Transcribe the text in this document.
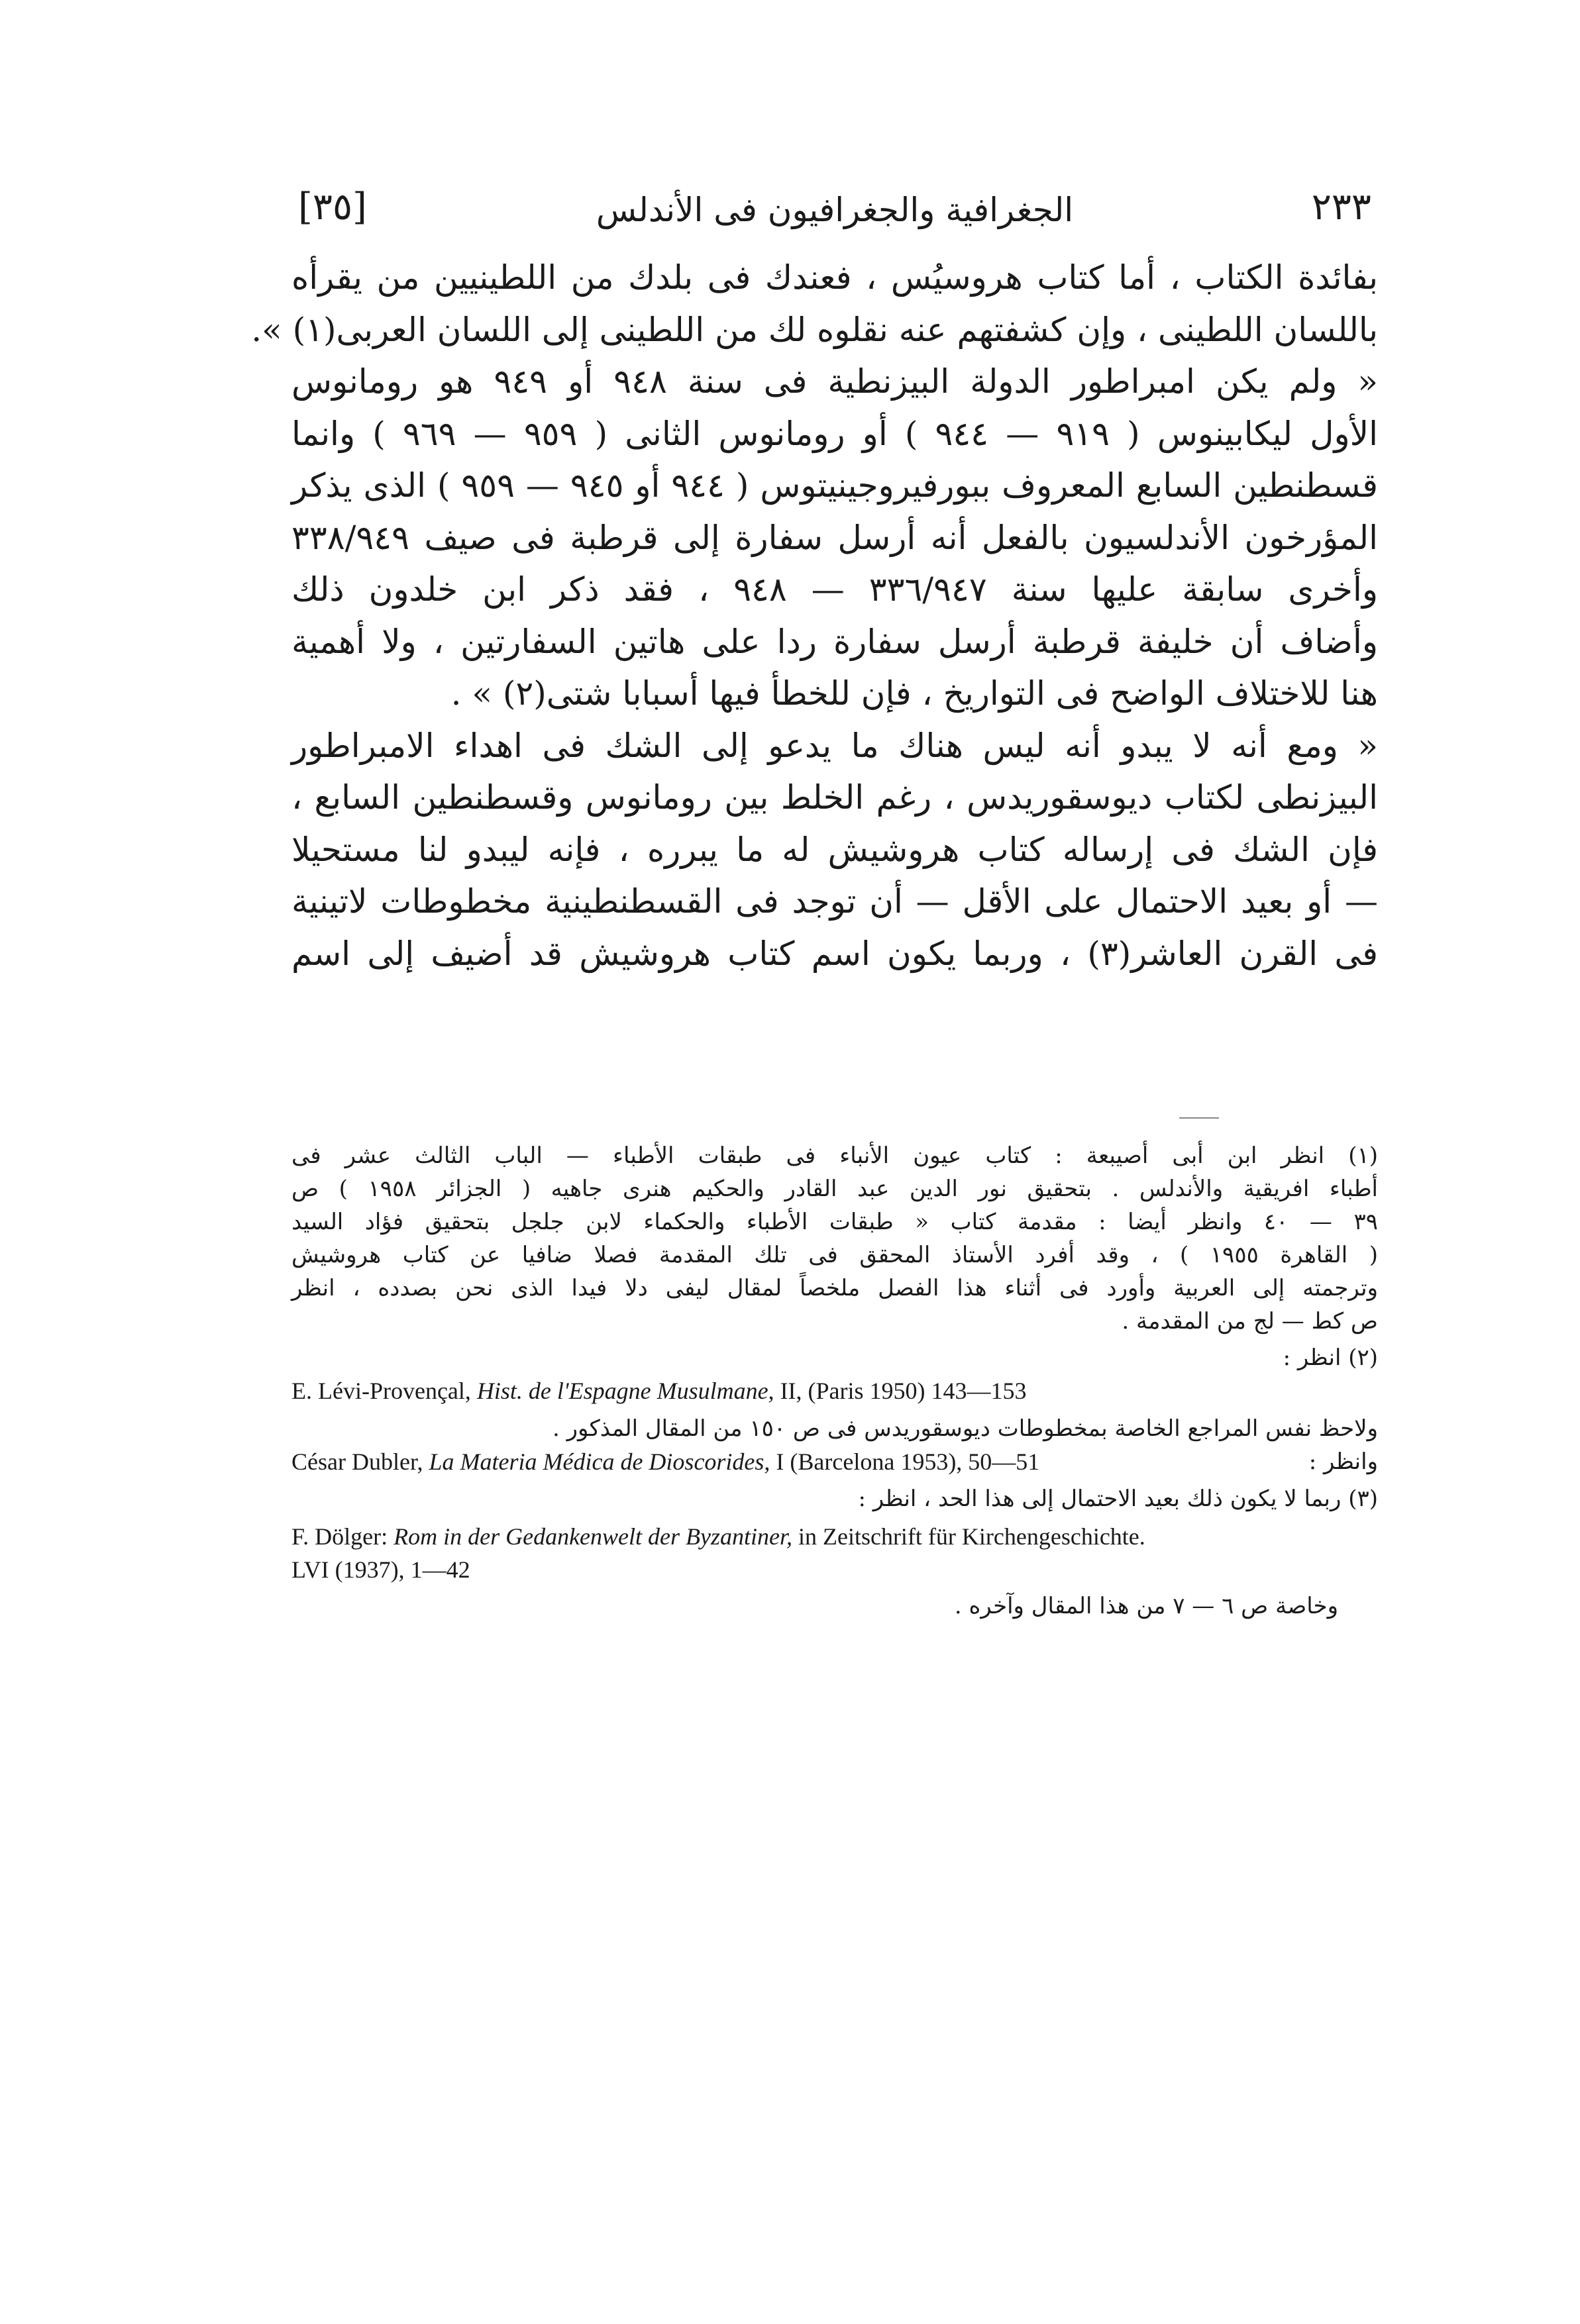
٢٣٣
الجغرافية والجغرافيون فى الأندلس
[٣٥]
بفائدة الكتاب ، أما كتاب هروسيُس ، فعندك فى بلدك من اللطينيين من يقرأه
باللسان اللطينى ، وإن كشفتهم عنه نقلوه لك من اللطينى إلى اللسان العربى(١) ».
« ولم يكن امبراطور الدولة البيزنطية فى سنة ٩٤٨ أو ٩٤٩ هو رومانوس
الأول ليكابينوس ( ٩١٩ — ٩٤٤ ) أو رومانوس الثانى ( ٩٥٩ — ٩٦٩ ) وانما
قسطنطين السابع المعروف ببورفيروجينيتوس ( ٩٤٤ أو ٩٤٥ — ٩٥٩ ) الذى يذكر
المؤرخون الأندلسيون بالفعل أنه أرسل سفارة إلى قرطبة فى صيف ٣٣٨/٩٤٩
وأخرى سابقة عليها سنة ٣٣٦/٩٤٧ — ٩٤٨ ، فقد ذكر ابن خلدون ذلك
وأضاف أن خليفة قرطبة أرسل سفارة ردا على هاتين السفارتين ، ولا أهمية
هنا للاختلاف الواضح فى التواريخ ، فإن للخطأ فيها أسبابا شتى(٢) » .
« ومع أنه لا يبدو أنه ليس هناك ما يدعو إلى الشك فى اهداء الامبراطور
البيزنطى لكتاب ديوسقوريدس ، رغم الخلط بين رومانوس وقسطنطين السابع ،
فإن الشك فى إرساله كتاب هروشيش له ما يبرره ، فإنه ليبدو لنا مستحيلا
— أو بعيد الاحتمال على الأقل — أن توجد فى القسطنطينية مخطوطات لاتينية
فى القرن العاشر(٣) ، وربما يكون اسم كتاب هروشيش قد أضيف إلى اسم
(١) انظر ابن أبى أصيبعة : كتاب عيون الأنباء فى طبقات الأطباء — الباب الثالث عشر فى
أطباء افريقية والأندلس . بتحقيق نور الدين عبد القادر والحكيم هنرى جاهيه ( الجزائر ١٩٥٨ ) ص
٣٩ — ٤٠ وانظر أيضا : مقدمة كتاب « طبقات الأطباء والحكماء لابن جلجل بتحقيق فؤاد السيد
( القاهرة ١٩٥٥ ) ، وقد أفرد الأستاذ المحقق فى تلك المقدمة فصلا ضافيا عن كتاب هروشيش
وترجمته إلى العربية وأورد فى أثناء هذا الفصل ملخصاً لمقال ليفى دلا فيدا الذى نحن بصدده ، انظر
ص كط — لج من المقدمة .
(٢) انظر :
E. Lévi-Provençal, Hist. de l'Espagne Musulmane, II, (Paris 1950) 143—153
ولاحظ نفس المراجع الخاصة بمخطوطات ديوسقوريدس فى ص ١٥٠ من المقال المذكور .
César Dubler, La Materia Médica de Dioscorides, I (Barcelona 1953), 50—51	وانظر :
(٣) ربما لا يكون ذلك بعيد الاحتمال إلى هذا الحد ، انظر :
F. Dölger: Rom in der Gedankenwelt der Byzantiner, in Zeitschrift für Kirchengeschichte.
LVI (1937), 1—42
وخاصة ص ٦ — ٧ من هذا المقال وآخره .
